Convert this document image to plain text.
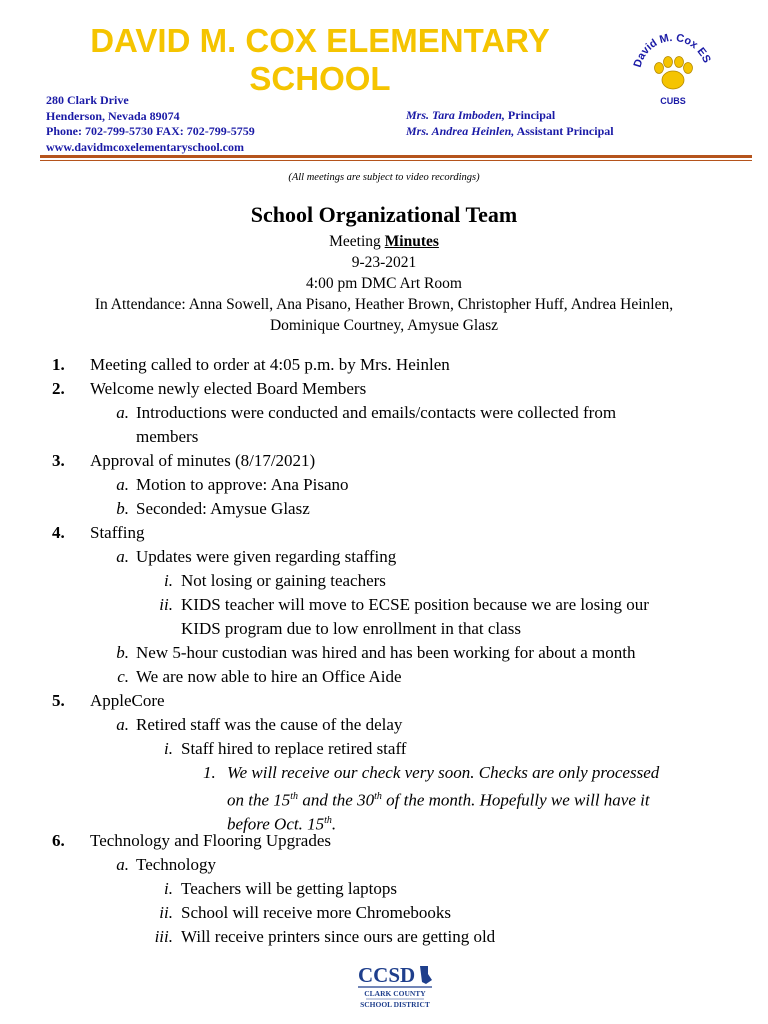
DAVID M. COX ELEMENTARY
SCHOOL
280 Clark Drive
Henderson, Nevada 89074
Phone: 702-799-5730 FAX: 702-799-5759
www.davidmcoxelementaryschool.com
Mrs. Tara Imboden, Principal
Mrs. Andrea Heinlen, Assistant Principal
David M. Cox ES
CUBS
(All meetings are subject to video recordings)
School Organizational Team
Meeting Minutes
9-23-2021
4:00 pm DMC Art Room
In Attendance: Anna Sowell, Ana Pisano, Heather Brown, Christopher Huff, Andrea Heinlen,
Dominique Courtney, Amysue Glasz
1. Meeting called to order at 4:05 p.m. by Mrs. Heinlen
2. Welcome newly elected Board Members
a. Introductions were conducted and emails/contacts were collected from
members
3. Approval of minutes (8/17/2021)
a. Motion to approve: Ana Pisano
b. Seconded: Amysue Glasz
4. Staffing
a. Updates were given regarding staffing
i. Not losing or gaining teachers
ii. KIDS teacher will move to ECSE position because we are losing our
KIDS program due to low enrollment in that class
b. New 5-hour custodian was hired and has been working for about a month
c. We are now able to hire an Office Aide
5. AppleCore
a. Retired staff was the cause of the delay
i. Staff hired to replace retired staff
1. We will receive our check very soon. Checks are only processed
on the 15th and the 30th of the month. Hopefully we will have it
before Oct. 15th.
6. Technology and Flooring Upgrades
a. Technology
i. Teachers will be getting laptops
ii. School will receive more Chromebooks
iii. Will receive printers since ours are getting old
CCSD
CLARK COUNTY
SCHOOL DISTRICT
